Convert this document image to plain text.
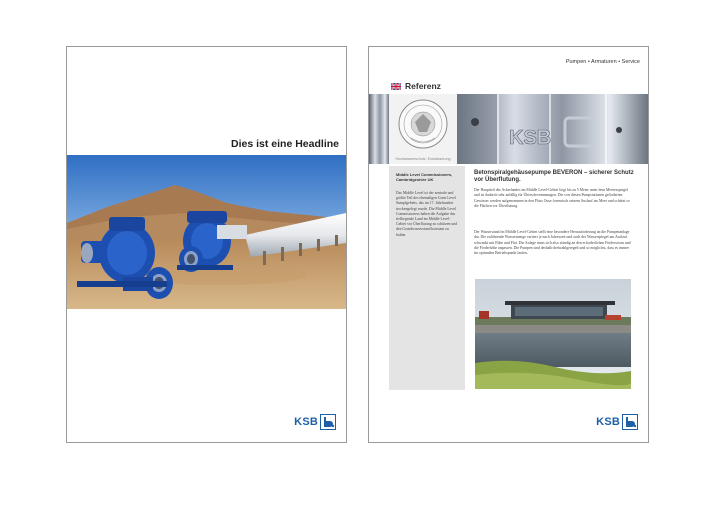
Dies ist eine Headline
KSB
Pumpen • Armaturen • Service
Referenz
KSB
Hochwasserschutz, Entwässerung
Middle Level Commissioners, Cambridgeshire UK
Das Middle Level ist der zentrale und größte Teil des ehemaligen Great Level Sumpfgebiets, das im 17. Jahrhundert trockengelegt wurde. Die Middle Level Commissioners haben die Aufgabe das tiefliegende Land im Middle Level-Gebiet vor Überflutung zu schützen und den Grundwasserstand konstant zu halten.
Betonspiralgehäusepumpe BEVERON – sicherer Schutz vor Überflutung.
Der Hauptteil des Ackerlandes im Middle Level-Gebiet liegt bis zu 5 Meter unter dem Meeresspiegel und ist dadurch sehr anfällig für Überschwemmungen. Die von diesen Pumpstationen geförderten Gewässer werden aufgenommen in den Fluss Ouse forensisch seinem Auslauf ins Meer und schützt so die Flächen vor Überflutung.
Der Wasserstand im Middle Level-Gebiet stellt eine besondere Herausforderung an die Pumpenanlage dar. Die zuführende Wassermenge variiert je nach Jahreszeit und auch der Wasserspiegel am Auslauf schwankt mit Ebbe und Flut. Die Anlage muss sich also ständig an den erforderlichen Förderstrom und die Förderhöhe anpassen. Die Pumpen sind deshalb drehzahlgeregelt und so möglichst, dass es immer im optimalen Betriebspunkt laufen.
KSB
